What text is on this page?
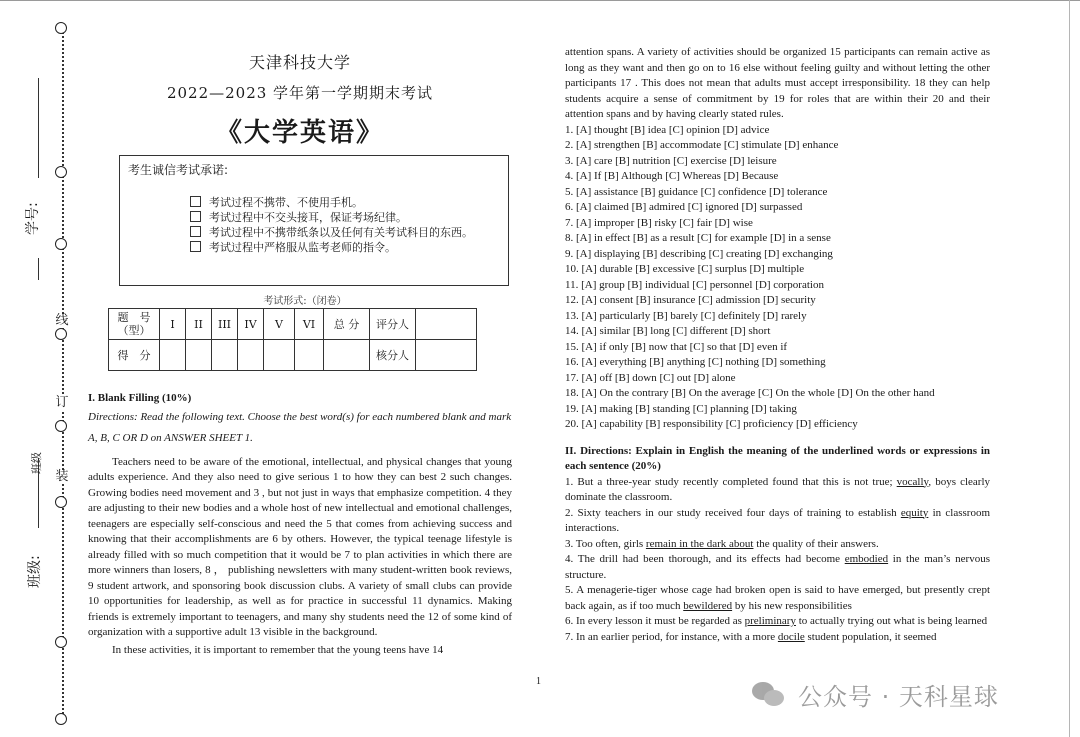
线
订
装
学号:
班级:
班级
天津科技大学
2022—2023 学年第一学期期末考试
《大学英语》
考生诚信考试承诺:
考试过程不携带、不使用手机。
考试过程中不交头接耳，保证考场纪律。
考试过程中不携带纸条以及任何有关考试科目的东西。
考试过程中严格服从监考老师的指令。
考试形式:（闭卷）
题　号
（型）	I	II	III	IV	V	VI	总 分	评分人	
得　分								核分人	
I. Blank Filling (10%)
Directions: Read the following text. Choose the best word(s) for each numbered blank and mark A, B, C OR D on ANSWER SHEET 1.

Teachers need to be aware of the emotional, intellectual, and physical changes that young adults experience. And they also need to give serious 1 to how they can best 2 such changes. Growing bodies need movement and 3 , but not just in ways that emphasize competition. 4 they are adjusting to their new bodies and a whole host of new intellectual and emotional challenges, teenagers are especially self-conscious and need the 5 that comes from achieving success and knowing that their accomplishments are 6 by others. However, the typical teenage lifestyle is already filled with so much competition that it would be 7 to plan activities in which there are more winners than losers, 8 ， publishing newsletters with many student-written book reviews, 9 student artwork, and sponsoring book discussion clubs. A variety of small clubs can provide 10 opportunities for leadership, as well as for practice in successful 11 dynamics. Making friends is extremely important to teenagers, and many shy students need the 12 of some kind of organization with a supportive adult 13 visible in the background.

In these activities, it is important to remember that the young teens have 14

attention spans. A variety of activities should be organized 15 participants can remain active as long as they want and then go on to 16 else without feeling guilty and without letting the other participants 17 . This does not mean that adults must accept irresponsibility. 18 they can help students acquire a sense of commitment by 19 for roles that are within their 20 and their attention spans and by having clearly stated rules.

1. [A] thought [B] idea [C] opinion [D] advice
2. [A] strengthen [B] accommodate [C] stimulate [D] enhance
3. [A] care [B] nutrition [C] exercise [D] leisure
4. [A] If [B] Although [C] Whereas [D] Because
5. [A] assistance [B] guidance [C] confidence [D] tolerance
6. [A] claimed [B] admired [C] ignored [D] surpassed
7. [A] improper [B] risky [C] fair [D] wise
8. [A] in effect [B] as a result [C] for example [D] in a sense
9. [A] displaying [B] describing [C] creating [D] exchanging
10. [A] durable [B] excessive [C] surplus [D] multiple
11. [A] group [B] individual [C] personnel [D] corporation
12. [A] consent [B] insurance [C] admission [D] security
13. [A] particularly [B] barely [C] definitely [D] rarely
14. [A] similar [B] long [C] different [D] short
15. [A] if only [B] now that [C] so that [D] even if
16. [A] everything [B] anything [C] nothing [D] something
17. [A] off [B] down [C] out [D] alone
18. [A] On the contrary [B] On the average [C] On the whole [D] On the other hand
19. [A] making [B] standing [C] planning [D] taking
20. [A] capability [B] responsibility [C] proficiency [D] efficiency
II. Directions: Explain in English the meaning of the underlined words or expressions in each sentence (20%)

1. But a three-year study recently completed found that this is not true; vocally, boys clearly dominate the classroom.

2. Sixty teachers in our study received four days of training to establish equity in classroom interactions.

3. Too often, girls remain in the dark about the quality of their answers.

4. The drill had been thorough, and its effects had become embodied in the man’s nervous structure.

5. A menagerie-tiger whose cage had broken open is said to have emerged, but presently crept back again, as if too much bewildered by his new responsibilities

6. In every lesson it must be regarded as preliminary to actually trying out what is being learned

7. In an earlier period, for instance, with a more docile student population, it seemed

1
公众号 · 天科星球
